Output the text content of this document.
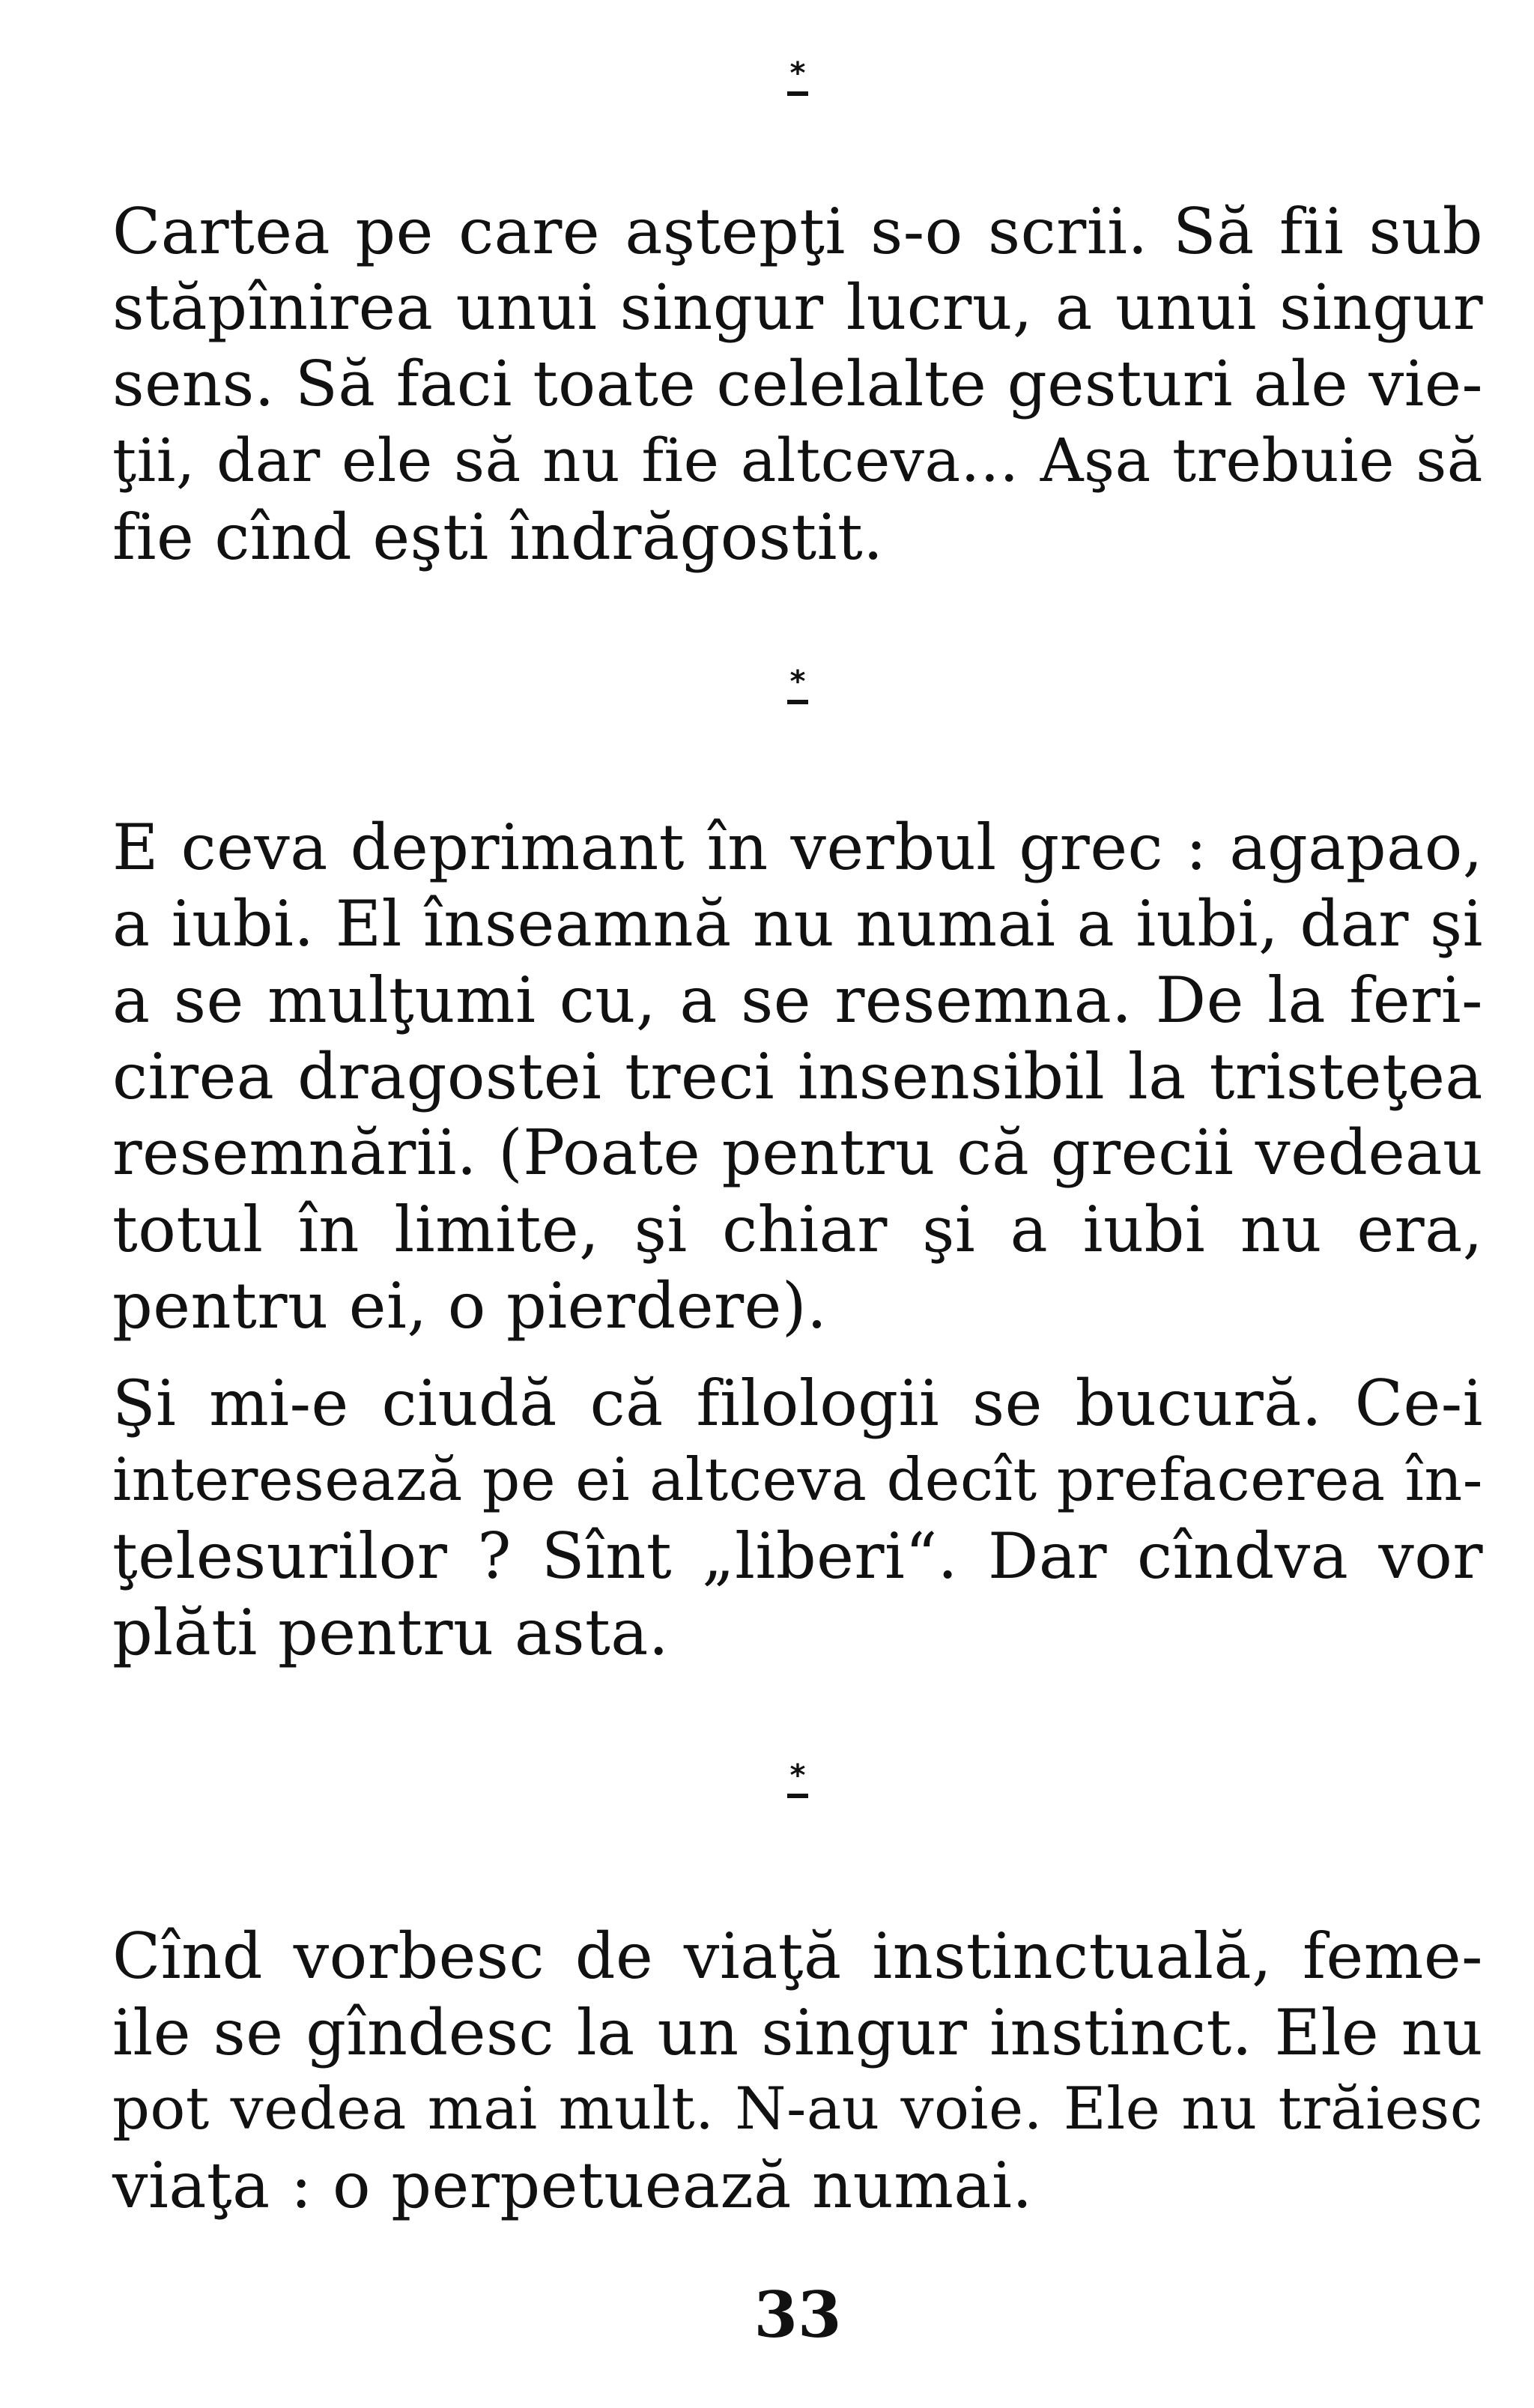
*
Cartea pe care aştepţi s-o scrii. Să fii sub
stăpînirea unui singur lucru, a unui singur
sens. Să faci toate celelalte gesturi ale vie-
ţii, dar ele să nu fie altceva... Aşa trebuie să
fie cînd eşti îndrăgostit.
*
E ceva deprimant în verbul grec : agapao,
a iubi. El înseamnă nu numai a iubi, dar şi
a se mulţumi cu, a se resemna. De la feri-
cirea dragostei treci insensibil la tristeţea
resemnării. (Poate pentru că grecii vedeau
totul în limite, şi chiar şi a iubi nu era,
pentru ei, o pierdere).
Şi mi-e ciudă că filologii se bucură. Ce-i
interesează pe ei altceva decît prefacerea în-
ţelesurilor ? Sînt „liberi“. Dar cîndva vor
plăti pentru asta.
*
Cînd vorbesc de viaţă instinctuală, feme-
ile se gîndesc la un singur instinct. Ele nu
pot vedea mai mult. N-au voie. Ele nu trăiesc
viaţa : o perpetuează numai.
33
